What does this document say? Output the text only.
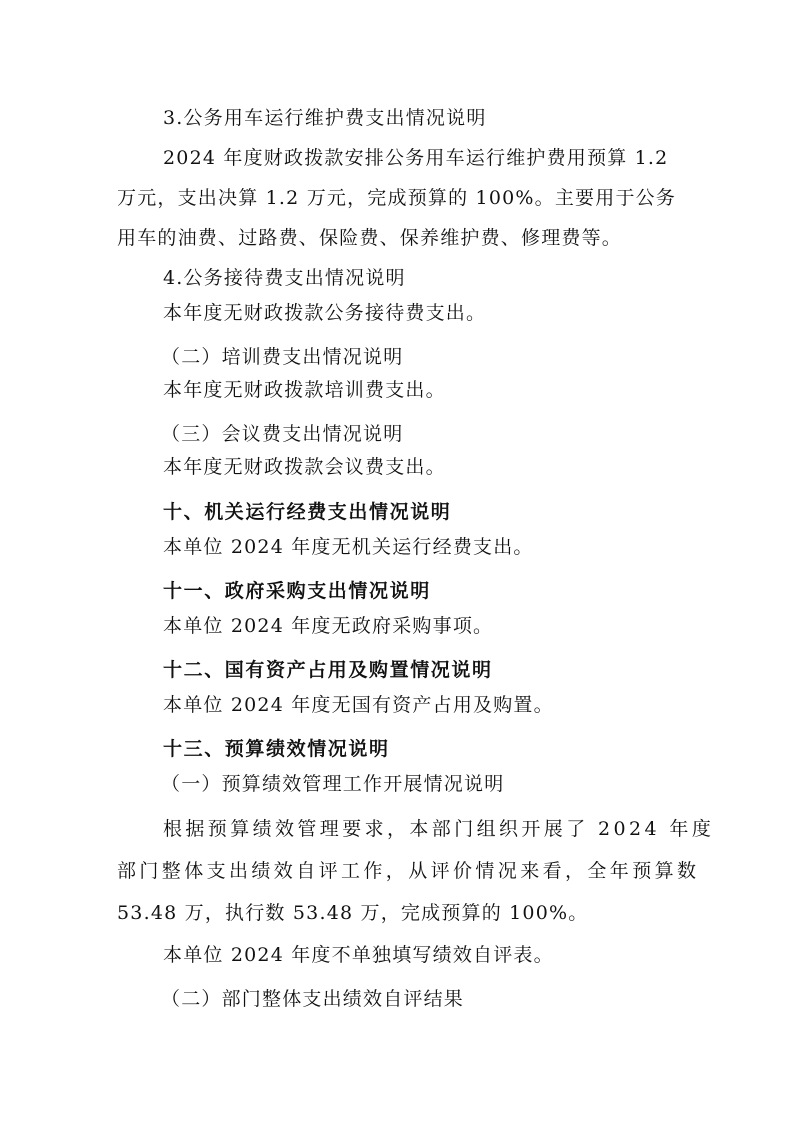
3.公务用车运行维护费支出情况说明
2024 年度财政拨款安排公务用车运行维护费用预算 1.2
万元，支出决算 1.2 万元，完成预算的 100%。主要用于公务
用车的油费、过路费、保险费、保养维护费、修理费等。
4.公务接待费支出情况说明
本年度无财政拨款公务接待费支出。
（二）培训费支出情况说明
本年度无财政拨款培训费支出。
（三）会议费支出情况说明
本年度无财政拨款会议费支出。
十、机关运行经费支出情况说明
本单位 2024 年度无机关运行经费支出。
十一、政府采购支出情况说明
本单位 2024 年度无政府采购事项。
十二、国有资产占用及购置情况说明
本单位 2024 年度无国有资产占用及购置。
十三、预算绩效情况说明
（一）预算绩效管理工作开展情况说明
根据预算绩效管理要求，本部门组织开展了 2024 年度
部门整体支出绩效自评工作，从评价情况来看，全年预算数
53.48 万，执行数 53.48 万，完成预算的 100%。
本单位 2024 年度不单独填写绩效自评表。
（二）部门整体支出绩效自评结果
